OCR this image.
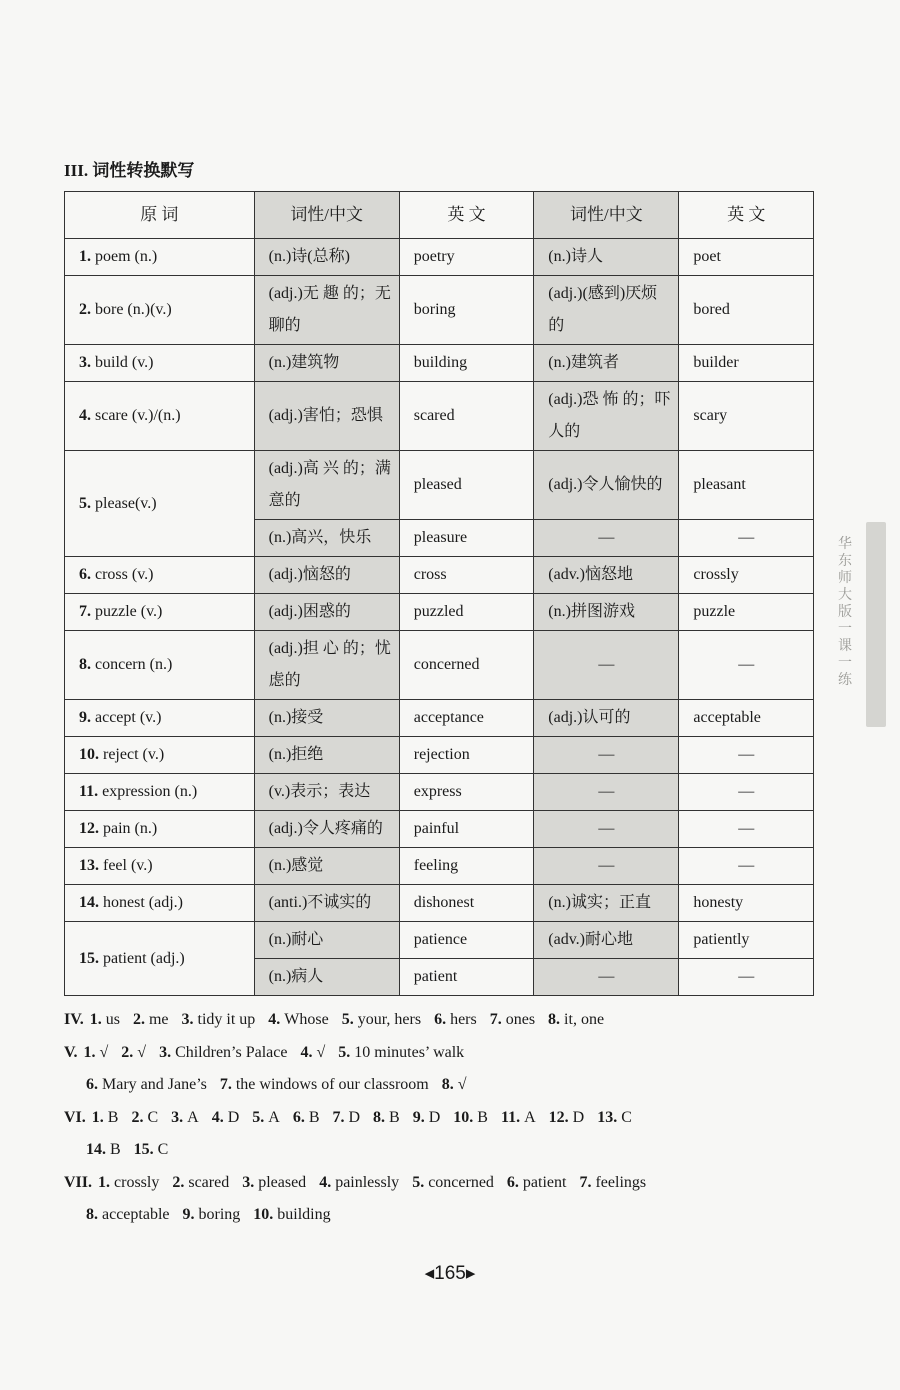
III. 词性转换默写
原 词	词性/中文	英 文	词性/中文	英 文
1. poem (n.)	(n.)诗(总称)	poetry	(n.)诗人	poet
2. bore (n.)(v.)	(adj.)无 趣 的；无聊的	boring	(adj.)(感到)厌烦的	bored
3. build (v.)	(n.)建筑物	building	(n.)建筑者	builder
4. scare (v.)/(n.)	(adj.)害怕；恐惧	scared	(adj.)恐 怖 的；吓人的	scary
5. please(v.)	(adj.)高 兴 的；满意的	pleased	(adj.)令人愉快的	pleasant
	(n.)高兴，快乐	pleasure	—	—
6. cross (v.)	(adj.)恼怒的	cross	(adv.)恼怒地	crossly
7. puzzle (v.)	(adj.)困惑的	puzzled	(n.)拼图游戏	puzzle
8. concern (n.)	(adj.)担 心 的；忧虑的	concerned	—	—
9. accept (v.)	(n.)接受	acceptance	(adj.)认可的	acceptable
10. reject (v.)	(n.)拒绝	rejection	—	—
11. expression (n.)	(v.)表示；表达	express	—	—
12. pain (n.)	(adj.)令人疼痛的	painful	—	—
13. feel (v.)	(n.)感觉	feeling	—	—
14. honest (adj.)	(anti.)不诚实的	dishonest	(n.)诚实；正直	honesty
15. patient (adj.)	(n.)耐心	patience	(adv.)耐心地	patiently
	(n.)病人	patient	—	—
IV. 1. us 2. me 3. tidy it up 4. Whose 5. your, hers 6. hers 7. ones 8. it, one
V. 1. √ 2. √ 3. Children’s Palace 4. √ 5. 10 minutes’ walk
6. Mary and Jane’s 7. the windows of our classroom 8. √
VI. 1. B 2. C 3. A 4. D 5. A 6. B 7. D 8. B 9. D 10. B 11. A 12. D 13. C
14. B 15. C
VII. 1. crossly 2. scared 3. pleased 4. painlessly 5. concerned 6. patient 7. feelings
8. acceptable 9. boring 10. building
◂165▸
华东师大版一课一练
